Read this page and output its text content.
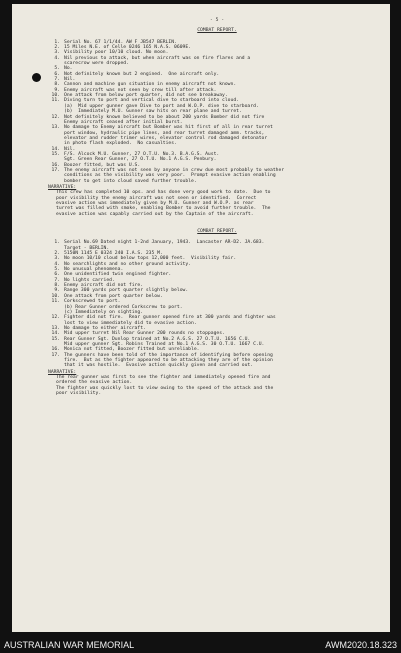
- 5 -
COMBAT REPORT.
1. Serial No. 67 1/1/44. AW F JB547 BERLIN.
2. 15 Miles N.E. of Celle 0246 165 N.A.S. 0609E.
3. Visibility poor 10/10 cloud. No moon.
4. Nil previous to attack, but when aircraft was on fire flares and a
scarecrow were dropped.
5. No.
6. Not definitely known but 2 engined.  One aircraft only.
7. Nil.
8. Cannon and machine gun situation in enemy aircraft not known.
9. Enemy aircraft was not seen by crew till after attack.
10. One attack from below port quarter, did not see breakaway.
11. Diving turn to port and vertical dive to starboard into cloud.
(a)  Mid upper gunner gave Dive to port and W.O.P. dive to starboard.
(b)  Immediately M.U. Gunner saw hits on rear plane and turret.
12. Not definitely known believed to be about 200 yards Bomber did not fire
Enemy aircraft ceased after initial burst.
13. No damage to Enemy aircraft but Bomber was hit first of all in rear turret
port window, hydraulic pipe lines, and rear turret damaged amm. tracks,
elevator and rudder trimer wires, elevator control rod damaged detonator
in photo flash exploded.  No casualties.
14. Nil.
15. F/S. Alcock M.U. Gunner, 27 O.T.U. No.3. B.A.G.S. Aust.
Sgt. Green Rear Gunner, 27 O.T.U. No.1 A.G.S. Penbury.
16. Boozer fitted, but was U.S.
17. The enemy aircraft was not seen by anyone in crew due most probably to weather
conditions as the visibility was very poor.  Prompt evasive action enabling
bomber to get into cloud saved further trouble.
NARRATIVE:
This crew has completed 10 ops. and has done very good work to date.  Due to
poor visibility the enemy aircraft was not seen or identified.  Correct
evasive action was immediately given by M.U. Gunner and W.O.P. as rear
turret was filled with smoke, enabling Bomber to avoid further trouble.  The
evasive action was capably carried out by the Captain of the aircraft.
COMBAT REPORT.
1. Serial No.69 Dated night 1-2nd January, 1943.  Lancaster AR-D2. JA.683.
Target - BERLIN.
2. 5150N 1145 E 0324 240 I.A.S. 235 M.
3. No moon 10/10 cloud below tops 12,000 feet.  Visibility fair.
4. No searchlights and no other ground activity.
5. No unusual phenomena.
6. One unidentified twin engined fighter.
7. No lights carried.
8. Enemy aircraft did not fire.
9. Range 300 yards port quarter slightly below.
10. One attack from port quarter below.
11. Corkscrewed to port.
(b) Rear Gunner ordered Corkscrew to port.
(c) Immediately on sighting.
12. Fighter did not fire.  Rear gunner opened fire at 300 yards and fighter was
lost to view immediately did to evasive action.
13. No damage to either aircraft.
14. Mid upper turret Nil Rear Gunner 200 rounds no stoppages.
15. Rear Gunner Sgt. Dunlop trained at No.2 A.G.S. 27 O.T.U. 1656 C.U.
Mid upper gunner Sgt. Robins Trained at No.1 A.G.S. 30 O.T.U. 1667 C.U.
16. Monica not fitted, Boozer fitted but unreliable.
17. The gunners have been told of the importance of identifying before opening
fire.  But as the fighter appeared to be attacking they are of the opinion
that it was hostile.  Evasive action quickly given and carried out.
NARRATIVE:
The rear gunner was first to see the fighter and immediately opened fire and
ordered the evasive action.
The fighter was quickly lost to view owing to the speed of the attack and the
poor visibility.
AUSTRALIAN WAR MEMORIAL	AWM2020.18.323
